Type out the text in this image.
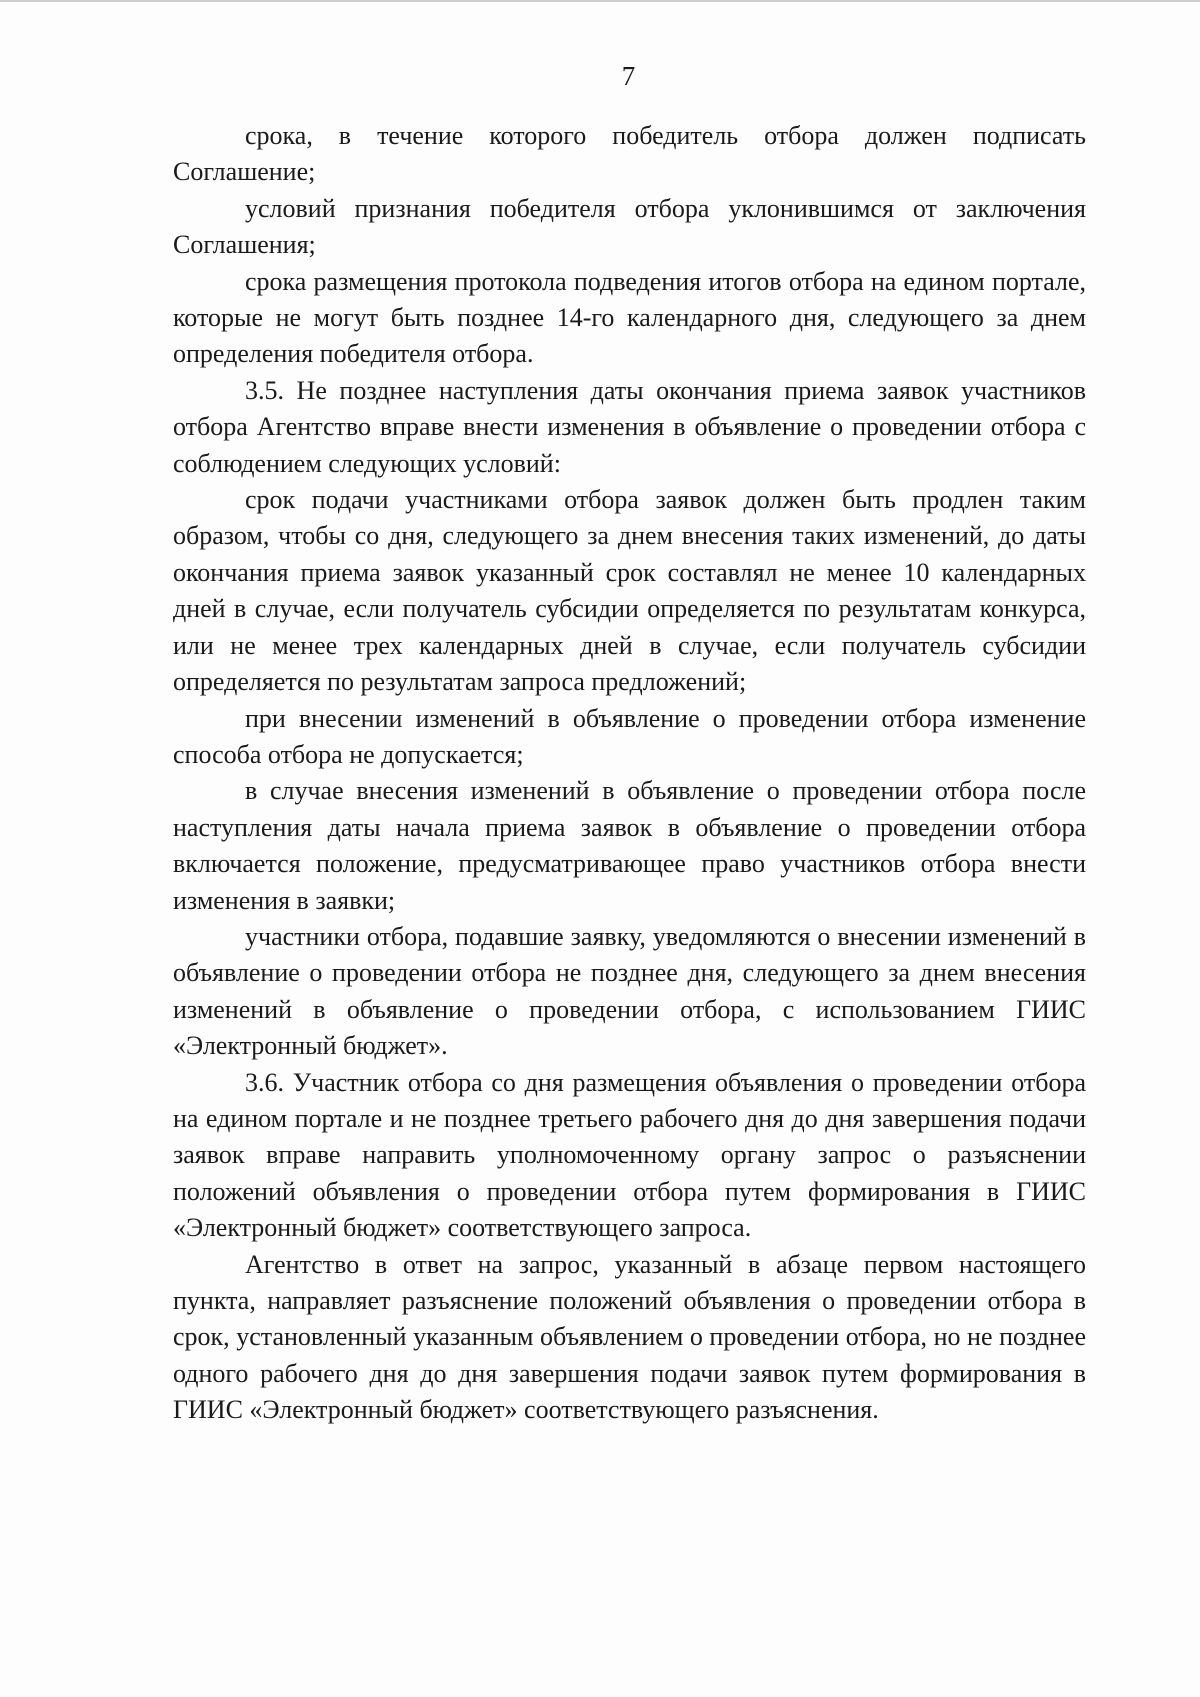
7

срока, в течение которого победитель отбора должен подписать Соглашение;

условий признания победителя отбора уклонившимся от заключения Соглашения;

срока размещения протокола подведения итогов отбора на едином портале, которые не могут быть позднее 14-го календарного дня, следующего за днем определения победителя отбора.

3.5. Не позднее наступления даты окончания приема заявок участников отбора Агентство вправе внести изменения в объявление о проведении отбора с соблюдением следующих условий:

срок подачи участниками отбора заявок должен быть продлен таким образом, чтобы со дня, следующего за днем внесения таких изменений, до даты окончания приема заявок указанный срок составлял не менее 10 календарных дней в случае, если получатель субсидии определяется по результатам конкурса, или не менее трех календарных дней в случае, если получатель субсидии определяется по результатам запроса предложений;

при внесении изменений в объявление о проведении отбора изменение способа отбора не допускается;

в случае внесения изменений в объявление о проведении отбора после наступления даты начала приема заявок в объявление о проведении отбора включается положение, предусматривающее право участников отбора внести изменения в заявки;

участники отбора, подавшие заявку, уведомляются о внесении изменений в объявление о проведении отбора не позднее дня, следующего за днем внесения изменений в объявление о проведении отбора, с использованием ГИИС «Электронный бюджет».

3.6. Участник отбора со дня размещения объявления о проведении отбора на едином портале и не позднее третьего рабочего дня до дня завершения подачи заявок вправе направить уполномоченному органу запрос о разъяснении положений объявления о проведении отбора путем формирования в ГИИС «Электронный бюджет» соответствующего запроса.

Агентство в ответ на запрос, указанный в абзаце первом настоящего пункта, направляет разъяснение положений объявления о проведении отбора в срок, установленный указанным объявлением о проведении отбора, но не позднее одного рабочего дня до дня завершения подачи заявок путем формирования в ГИИС «Электронный бюджет» соответствующего разъяснения.
